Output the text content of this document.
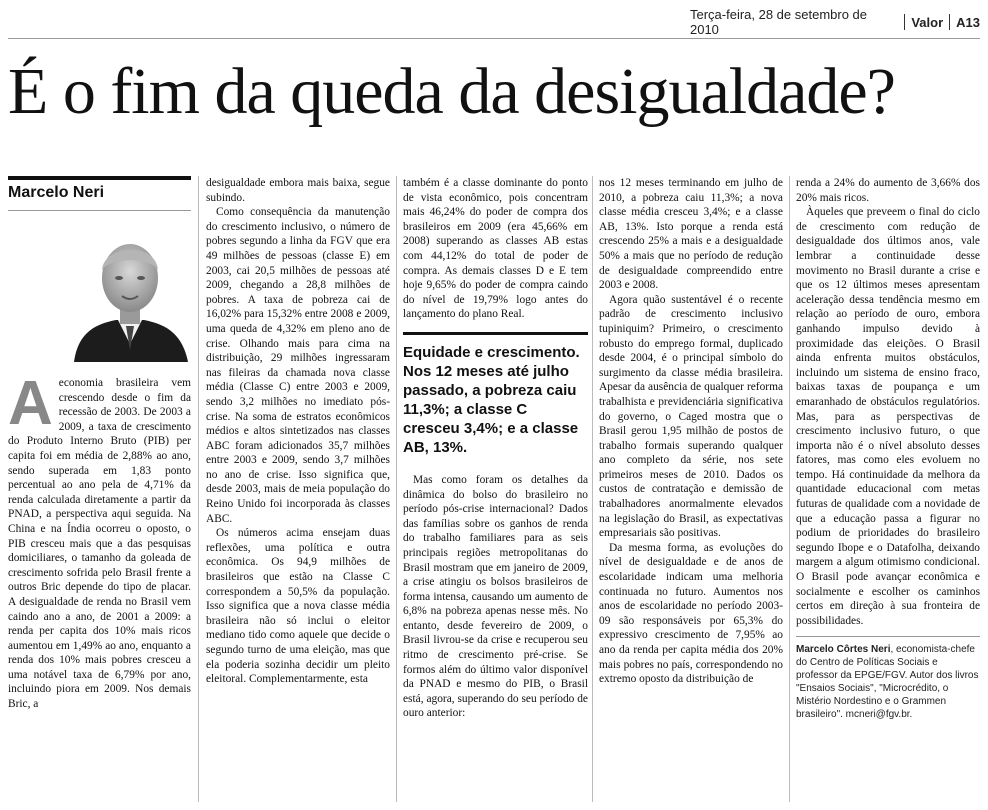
Terça-feira, 28 de setembro de 2010	Valor A13
É o fim da queda da desigualdade?
Marcelo Neri

A economia brasileira vem crescendo desde o fim da recessão de 2003. De 2003 a 2009, a taxa de crescimento do Produto Interno Bruto (PIB) per capita foi em média de 2,88% ao ano, sendo superada em 1,83 ponto percentual ao ano pela de 4,71% da renda calculada diretamente a partir da PNAD, a perspectiva aqui seguida. Na China e na Índia ocorreu o oposto, o PIB cresceu mais que a das pesquisas domiciliares, o tamanho da goleada de crescimento sofrida pelo Brasil frente a outros Bric depende do tipo de placar. A desigualdade de renda no Brasil vem caindo ano a ano, de 2001 a 2009: a renda per capita dos 10% mais ricos aumentou em 1,49% ao ano, enquanto a renda dos 10% mais pobres cresceu a uma notável taxa de 6,79% por ano, incluindo piora em 2009. Nos demais Bric, a

desigualdade embora mais baixa, segue subindo.

Como consequência da manutenção do crescimento inclusivo, o número de pobres segundo a linha da FGV que era 49 milhões de pessoas (classe E) em 2003, cai 20,5 milhões de pessoas até 2009, chegando a 28,8 milhões de pobres. A taxa de pobreza cai de 16,02% para 15,32% entre 2008 e 2009, uma queda de 4,32% em pleno ano de crise. Olhando mais para cima na distribuição, 29 milhões ingressaram nas fileiras da chamada nova classe média (Classe C) entre 2003 e 2009, sendo 3,2 milhões no imediato pós-crise. Na soma de estratos econômicos médios e altos sintetizados nas classes ABC foram adicionados 35,7 milhões entre 2003 e 2009, sendo 3,7 milhões no ano de crise. Isso significa que, desde 2003, mais de meia população do Reino Unido foi incorporada às classes ABC.

Os números acima ensejam duas reflexões, uma política e outra econômica. Os 94,9 milhões de brasileiros que estão na Classe C correspondem a 50,5% da população. Isso significa que a nova classe média brasileira não só inclui o eleitor mediano tido como aquele que decide o segundo turno de uma eleição, mas que ela poderia sozinha decidir um pleito eleitoral. Complementarmente, esta

também é a classe dominante do ponto de vista econômico, pois concentram mais 46,24% do poder de compra dos brasileiros em 2009 (era 45,66% em 2008) superando as classes AB estas com 44,12% do total de poder de compra. As demais classes D e E tem hoje 9,65% do poder de compra caindo do nível de 19,79% logo antes do lançamento do plano Real.

Equidade e crescimento. Nos 12 meses até julho passado, a pobreza caiu 11,3%; a classe C cresceu 3,4%; e a classe AB, 13%.

Mas como foram os detalhes da dinâmica do bolso do brasileiro no período pós-crise internacional? Dados das famílias sobre os ganhos de renda do trabalho familiares para as seis principais regiões metropolitanas do Brasil mostram que em janeiro de 2009, a crise atingiu os bolsos brasileiros de forma intensa, causando um aumento de 6,8% na pobreza apenas nesse mês. No entanto, desde fevereiro de 2009, o Brasil livrou-se da crise e recuperou seu ritmo de crescimento pré-crise. Se formos além do último valor disponível da PNAD e mesmo do PIB, o Brasil está, agora, superando do seu período de ouro anterior:

nos 12 meses terminando em julho de 2010, a pobreza caiu 11,3%; a nova classe média cresceu 3,4%; e a classe AB, 13%. Isto porque a renda está crescendo 25% a mais e a desigualdade 50% a mais que no período de redução de desigualdade compreendido entre 2003 e 2008.

Agora quão sustentável é o recente padrão de crescimento inclusivo tupiniquim? Primeiro, o crescimento robusto do emprego formal, duplicado desde 2004, é o principal símbolo do surgimento da classe média brasileira. Apesar da ausência de qualquer reforma trabalhista e previdenciária significativa do governo, o Caged mostra que o Brasil gerou 1,95 milhão de postos de trabalho formais superando qualquer ano completo da série, nos sete primeiros meses de 2010. Dados os custos de contratação e demissão de trabalhadores anormalmente elevados na legislação do Brasil, as expectativas empresariais são positivas.

Da mesma forma, as evoluções do nível de desigualdade e de anos de escolaridade indicam uma melhoria continuada no futuro. Aumentos nos anos de escolaridade no período 2003-09 são responsáveis por 65,3% do expressivo crescimento de 7,95% ao ano da renda per capita média dos 20% mais pobres no país, correspondendo no extremo oposto da distribuição de

renda a 24% do aumento de 3,66% dos 20% mais ricos.

Àqueles que preveem o final do ciclo de crescimento com redução de desigualdade dos últimos anos, vale lembrar a continuidade desse movimento no Brasil durante a crise e que os 12 últimos meses apresentam aceleração dessa tendência mesmo em relação ao período de ouro, embora ganhando impulso devido à proximidade das eleições. O Brasil ainda enfrenta muitos obstáculos, incluindo um sistema de ensino fraco, baixas taxas de poupança e um emaranhado de obstáculos regulatórios. Mas, para as perspectivas de crescimento inclusivo futuro, o que importa não é o nível absoluto desses fatores, mas como eles evoluem no tempo. Há continuidade da melhora da quantidade educacional com metas futuras de qualidade com a novidade de que a educação passa a figurar no podium de prioridades do brasileiro segundo Ibope e o Datafolha, deixando margem a algum otimismo condicional. O Brasil pode avançar econômica e socialmente e escolher os caminhos certos em direção à sua fronteira de possibilidades.

Marcelo Côrtes Neri, economista-chefe do Centro de Políticas Sociais e professor da EPGE/FGV. Autor dos livros "Ensaios Sociais", "Microcrédito, o Mistério Nordestino e o Grammen brasileiro". mcneri@fgv.br.
